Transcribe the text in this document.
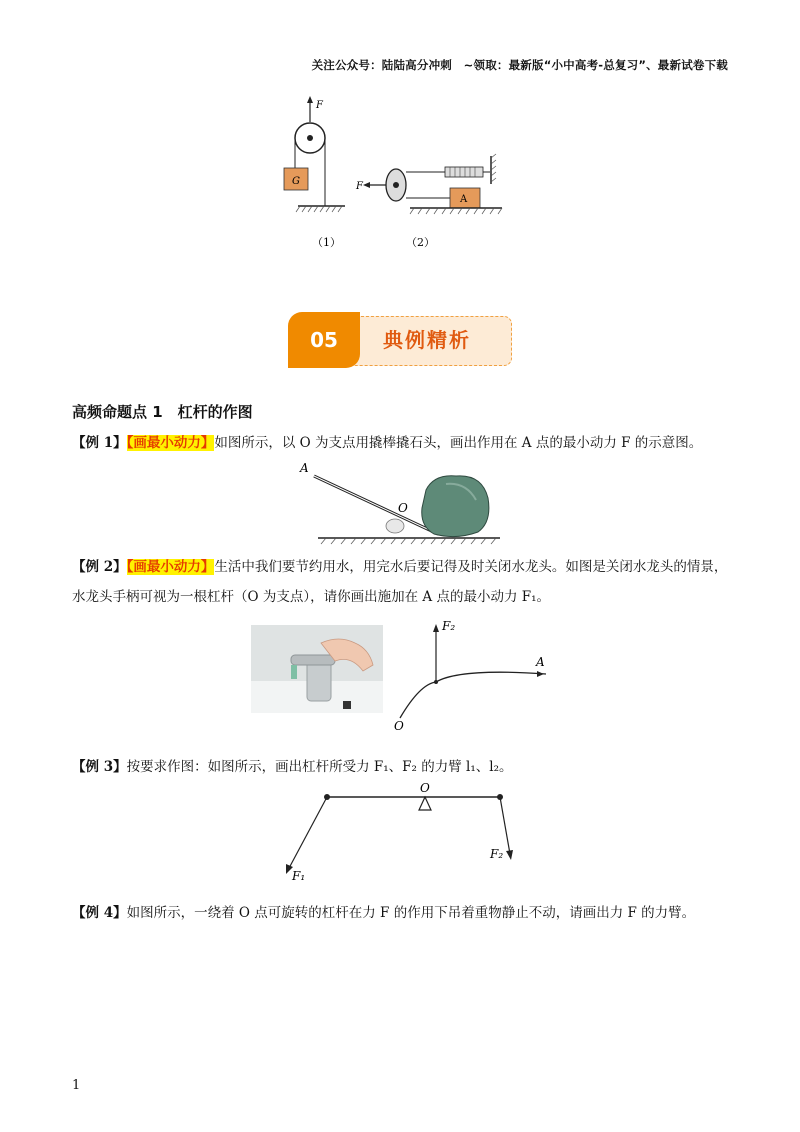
关注公众号：陆陆高分冲刺　~领取：最新版“小中高考-总复习”、最新试卷下载
F
G	F
A
（1）	（2）
05	典例精析
高频命题点 1　杠杆的作图
【例 1】【画最小动力】如图所示，以 O 为支点用撬棒撬石头，画出作用在 A 点的最小动力 F 的示意图。
A
O
【例 2】【画最小动力】生活中我们要节约用水，用完水后要记得及时关闭水龙头。如图是关闭水龙头的情景，水龙头手柄可视为一根杠杆（O 为支点），请你画出施加在 A 点的最小动力 F₁。
F₂
A
O
【例 3】按要求作图：如图所示，画出杠杆所受力 F₁、F₂ 的力臂 l₁、l₂。
O
F₁
F₂
【例 4】如图所示，一绕着 O 点可旋转的杠杆在力 F 的作用下吊着重物静止不动，请画出力 F 的力臂。
1
